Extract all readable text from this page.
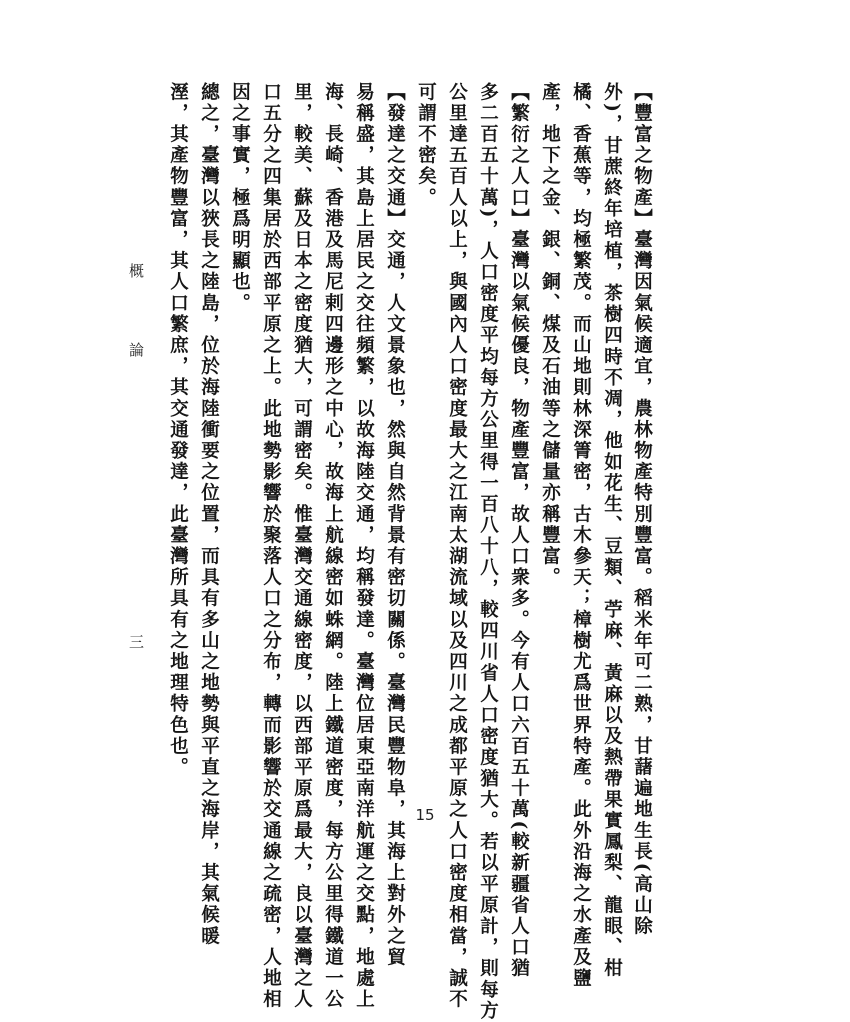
【豐富之物產】臺灣因氣候適宜，農林物產特別豐富。稻米年可二熟，甘藷遍地生長(高山除
外)，甘蔗終年培植，茶樹四時不凋，他如花生、豆類、苧麻、黃麻以及熱帶果實鳳梨、龍眼、柑
橘、香蕉等，均極繁茂。而山地則林深箐密，古木參天；樟樹尤爲世界特產。此外沿海之水產及鹽
產，地下之金、銀、銅、煤及石油等之儲量亦稱豐富。
【繁衍之人口】臺灣以氣候優良，物產豐富，故人口衆多。今有人口六百五十萬(較新疆省人口猶
多二百五十萬)，人口密度平均每方公里得一百八十八，較四川省人口密度猶大。若以平原計，則每方
公里達五百人以上，與國內人口密度最大之江南太湖流域以及四川之成都平原之人口密度相當，誠不
可謂不密矣。
【發達之交通】交通，人文景象也，然與自然背景有密切關係。臺灣民豐物阜，其海上對外之貿
易稱盛，其島上居民之交往頻繁，以故海陸交通，均稱發達。臺灣位居東亞南洋航運之交點，地處上
海、長崎、香港及馬尼剌四邊形之中心，故海上航線密如蛛網。陸上鐵道密度，每方公里得鐵道一公
里，較美、蘇及日本之密度猶大，可謂密矣。惟臺灣交通線密度，以西部平原爲最大，良以臺灣之人
口五分之四集居於西部平原之上。此地勢影響於聚落人口之分布，轉而影響於交通線之疏密，人地相
因之事實，極爲明顯也。
總之，臺灣以狹長之陸島，位於海陸衝要之位置，而具有多山之地勢與平直之海岸，其氣候暖
溼，其產物豐富，其人口繁庶，其交通發達，此臺灣所具有之地理特色也。
概
論
三
15
